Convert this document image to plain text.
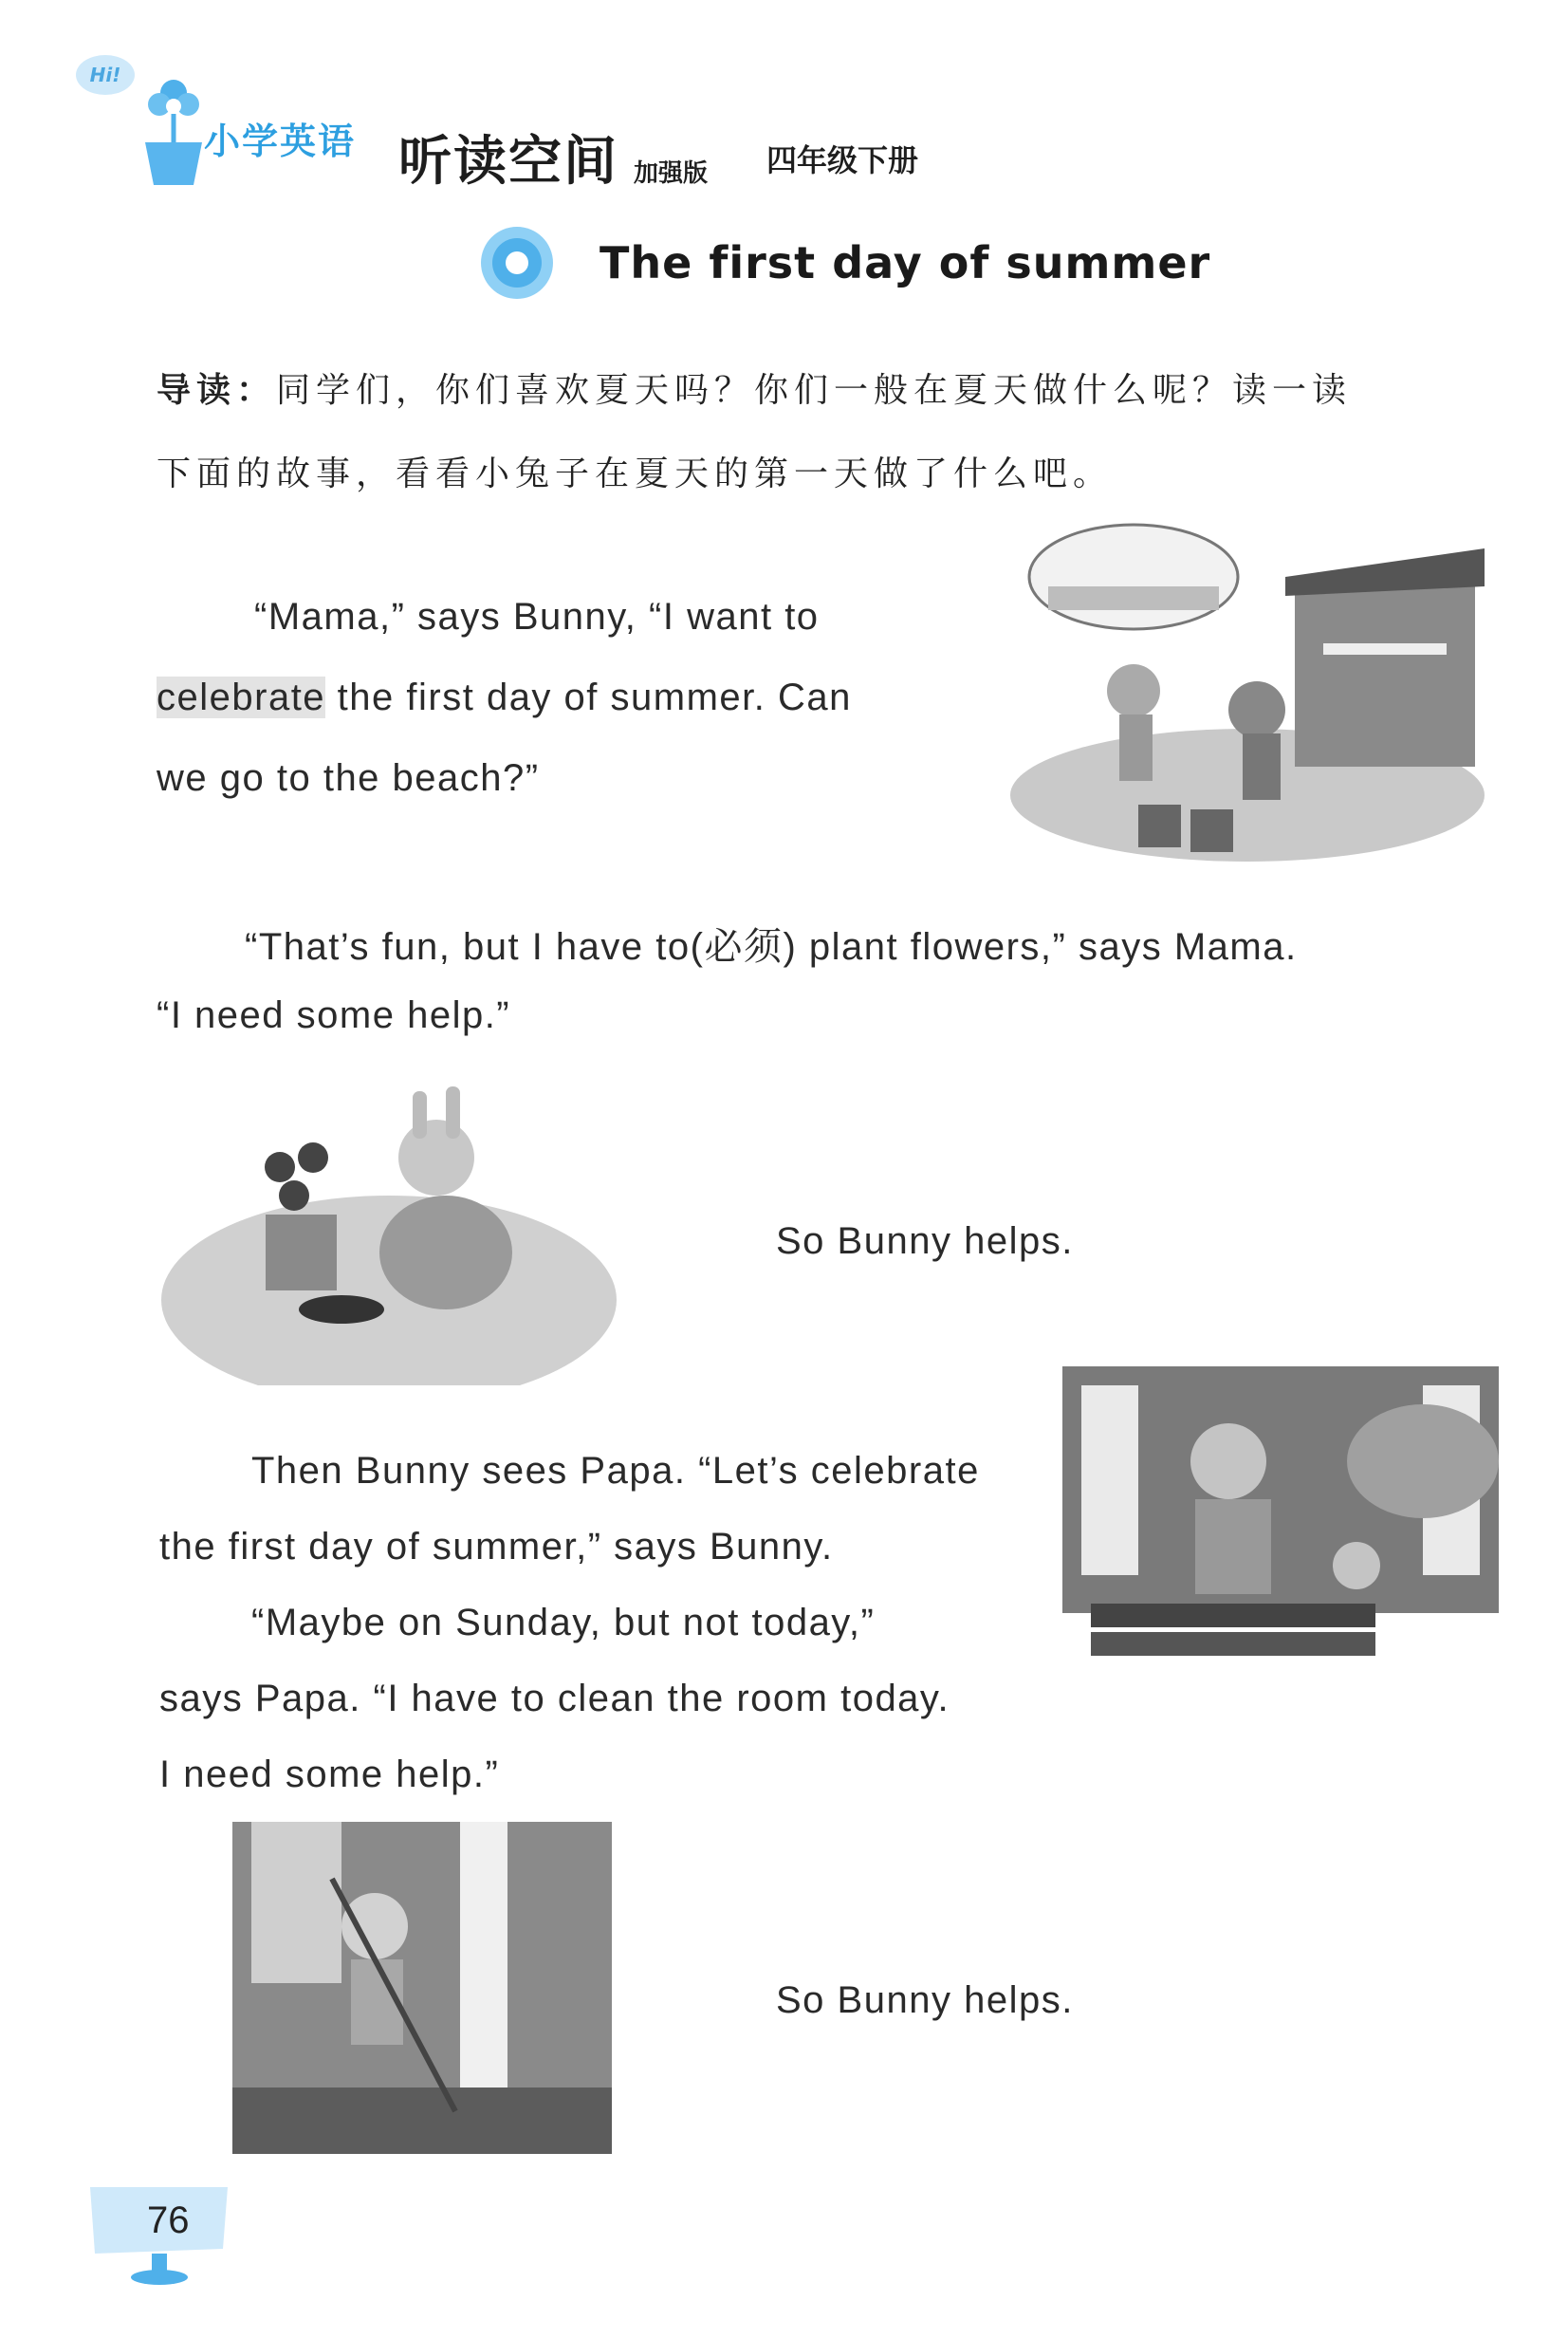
Hi!
小学英语 听读空间 加强版 四年级下册
The first day of summer
导读：同学们，你们喜欢夏天吗？你们一般在夏天做什么呢？读一读
下面的故事，看看小兔子在夏天的第一天做了什么吧。
“Mama,” says Bunny, “I want to
celebrate the first day of summer. Can
we go to the beach?”
“That’s fun, but I have to(必须) plant flowers,” says Mama.
“I need some help.”
So Bunny helps.
Then Bunny sees Papa. “Let’s celebrate
the first day of summer,” says Bunny.
“Maybe on Sunday, but not today,”
says Papa. “I have to clean the room today.
I need some help.”
So Bunny helps.
76
